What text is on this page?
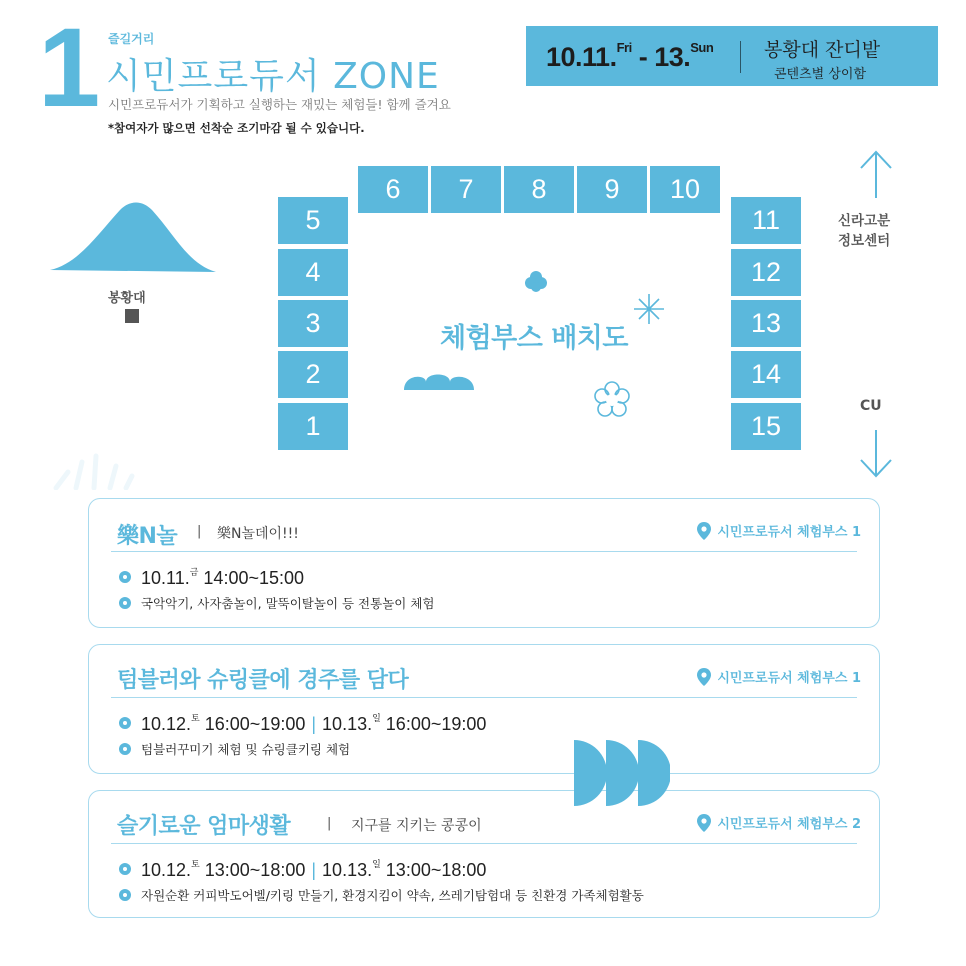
1 즐길거리
시민프로듀서 ZONE
시민프로듀서가 기획하고 실행하는 재밌는 체험들! 함께 즐겨요
*참여자가 많으면 선착순 조기마감 될 수 있습니다.
10.11.$^{Fri}$ - 13.$^{Sun}$	봉황대 잔디밭
콘텐츠별 상이함
봉황대
5
4
3
2
1
6	7	8	9	10
11
12
13
14
15
체험부스 배치도
신라고분
정보센터
CU
樂N놀 | 樂N놀데이!!!	시민프로듀서 체험부스 1
10.11.$^금$ 14:00~15:00
국악악기, 사자춤놀이, 말뚝이탈놀이 등 전통놀이 체험
텀블러와 슈링클에 경주를 담다	시민프로듀서 체험부스 1
10.12.$^토$ 16:00~19:00 | 10.13.$^일$ 16:00~19:00
텀블러꾸미기 체험 및 슈링클키링 체험
슬기로운 엄마생활	| 지구를 지키는 콩콩이	시민프로듀서 체험부스 2
10.12.$^토$ 13:00~18:00 | 10.13.$^일$ 13:00~18:00
자원순환 커피박도어벨/키링 만들기, 환경지킴이 약속, 쓰레기탐험대 등 친환경 가족체험활동
